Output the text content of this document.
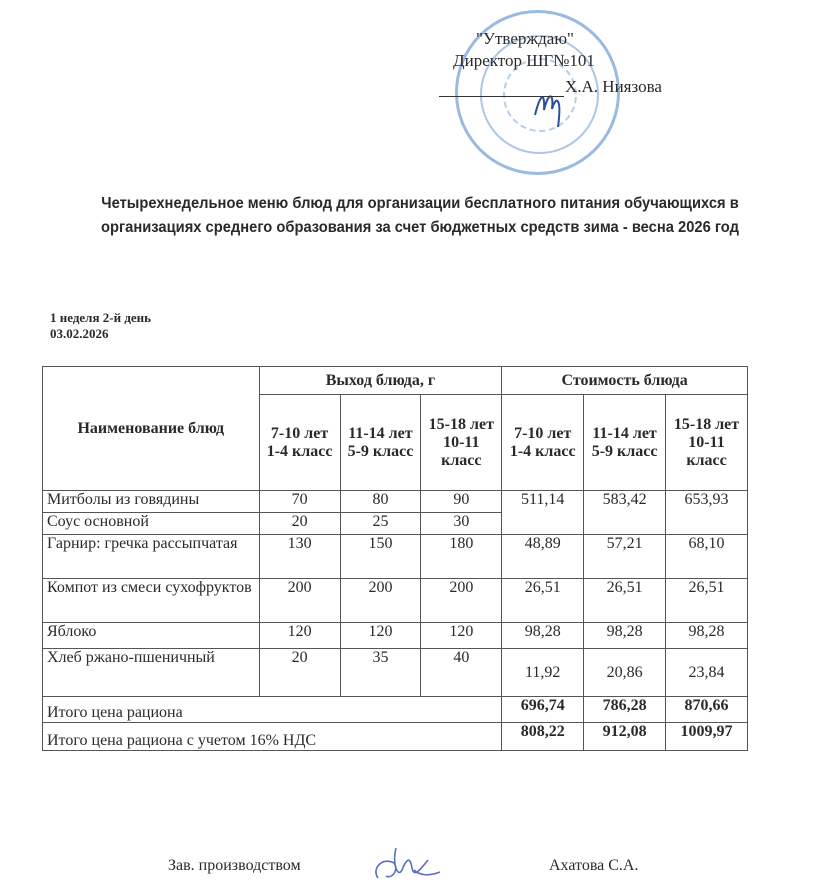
"Утверждаю"
Директор ШГ№101
Х.А. Ниязова
Четырехнедельное меню блюд для организации бесплатного питания обучающихся в организациях среднего образования за счет бюджетных средств зима - весна 2026 год
1 неделя 2-й день
03.02.2026
Наименование блюд	Выход блюда, г			Стоимость блюда		
	7-10 лет 1-4 класс	11-14 лет 5-9 класс	15-18 лет 10-11 класс	7-10 лет 1-4 класс	11-14 лет 5-9 класс	15-18 лет 10-11 класс
Митболы из говядины	70	80	90	511,14	583,42	653,93
Соус основной	20	25	30			
Гарнир: гречка рассыпчатая	130	150	180	48,89	57,21	68,10
Компот из смеси сухофруктов	200	200	200	26,51	26,51	26,51
Яблоко	120	120	120	98,28	98,28	98,28
Хлеб ржано-пшеничный	20	35	40	11,92	20,86	23,84
Итого цена рациона				696,74	786,28	870,66
Итого цена рациона с учетом 16% НДС				808,22	912,08	1009,97
Зав. производством	Ахатова С.А.
